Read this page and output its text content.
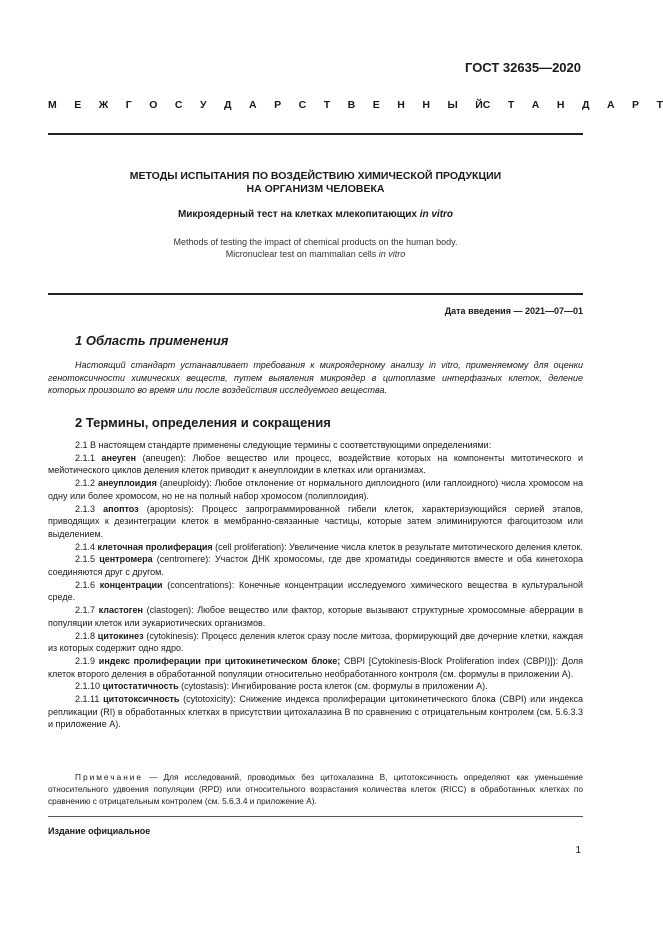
ГОСТ 32635—2020
М Е Ж Г О С У Д А Р С Т В Е Н Н Ы Й С Т А Н Д А Р Т
МЕТОДЫ ИСПЫТАНИЯ ПО ВОЗДЕЙСТВИЮ ХИМИЧЕСКОЙ ПРОДУКЦИИ
НА ОРГАНИЗМ ЧЕЛОВЕКА
Микроядерный тест на клетках млекопитающих in vitro
Methods of testing the impact of chemical products on the human body.
Micronuclear test on mammalian cells in vitro
Дата введения — 2021—07—01
1 Область применения
Настоящий стандарт устанавливает требования к микроядерному анализу in vitro, применяемому для оценки генотоксичности химических веществ, путем выявления микроядер в цитоплазме интерфазных клеток, деление которых произошло во время или после воздействия исследуемого вещества.
2 Термины, определения и сокращения
2.1 В настоящем стандарте применены следующие термины с соответствующими определениями:
2.1.1 анеуген (aneugen): Любое вещество или процесс, воздействие которых на компоненты митотического и мейотического циклов деления клеток приводит к анеуплоидии в клетках или организмах.
2.1.2 анеуплоидия (aneuploidy): Любое отклонение от нормального диплоидного (или гаплоидного) числа хромосом на одну или более хромосом, но не на полный набор хромосом (полиплоидия).
2.1.3 апоптоз (apoptosis): Процесс запрограммированной гибели клеток, характеризующийся серией этапов, приводящих к дезинтеграции клеток в мембранно-связанные частицы, которые затем элиминируются фагоцитозом или выделением.
2.1.4 клеточная пролиферация (cell proliferation): Увеличение числа клеток в результате митотического деления клеток.
2.1.5 центромера (centromere): Участок ДНК хромосомы, где две хроматиды соединяются вместе и оба кинетохора соединяются друг с другом.
2.1.6 концентрации (concentrations): Конечные концентрации исследуемого химического вещества в культуральной среде.
2.1.7 кластоген (clastogen): Любое вещество или фактор, которые вызывают структурные хромосомные аберрации в популяции клеток или эукариотических организмов.
2.1.8 цитокинез (cytokinesis): Процесс деления клеток сразу после митоза, формирующий две дочерние клетки, каждая из которых содержит одно ядро.
2.1.9 индекс пролиферации при цитокинетическом блоке; CBPI [Cytokinesis-Block Proliferation index (CBPI)]): Доля клеток второго деления в обработанной популяции относительно необработанного контроля (см. формулы в приложении А).
2.1.10 цитостатичность (cytostasis): Ингибирование роста клеток (см. формулы в приложении А).
2.1.11 цитотоксичность (cytotoxicity): Снижение индекса пролиферации цитокинетического блока (CBPI) или индекса репликации (RI) в обработанных клетках в присутствии цитохалазина В по сравнению с отрицательным контролем (см. 5.6.3.3 и приложение А).
Примечание — Для исследований, проводимых без цитохалазина В, цитотоксичность определяют как уменьшение относительного удвоения популяции (RPD) или относительного возрастания количества клеток (RICC) в обработанных клетках по сравнению с отрицательным контролем (см. 5.6.3.4 и приложение А).
Издание официальное
1
